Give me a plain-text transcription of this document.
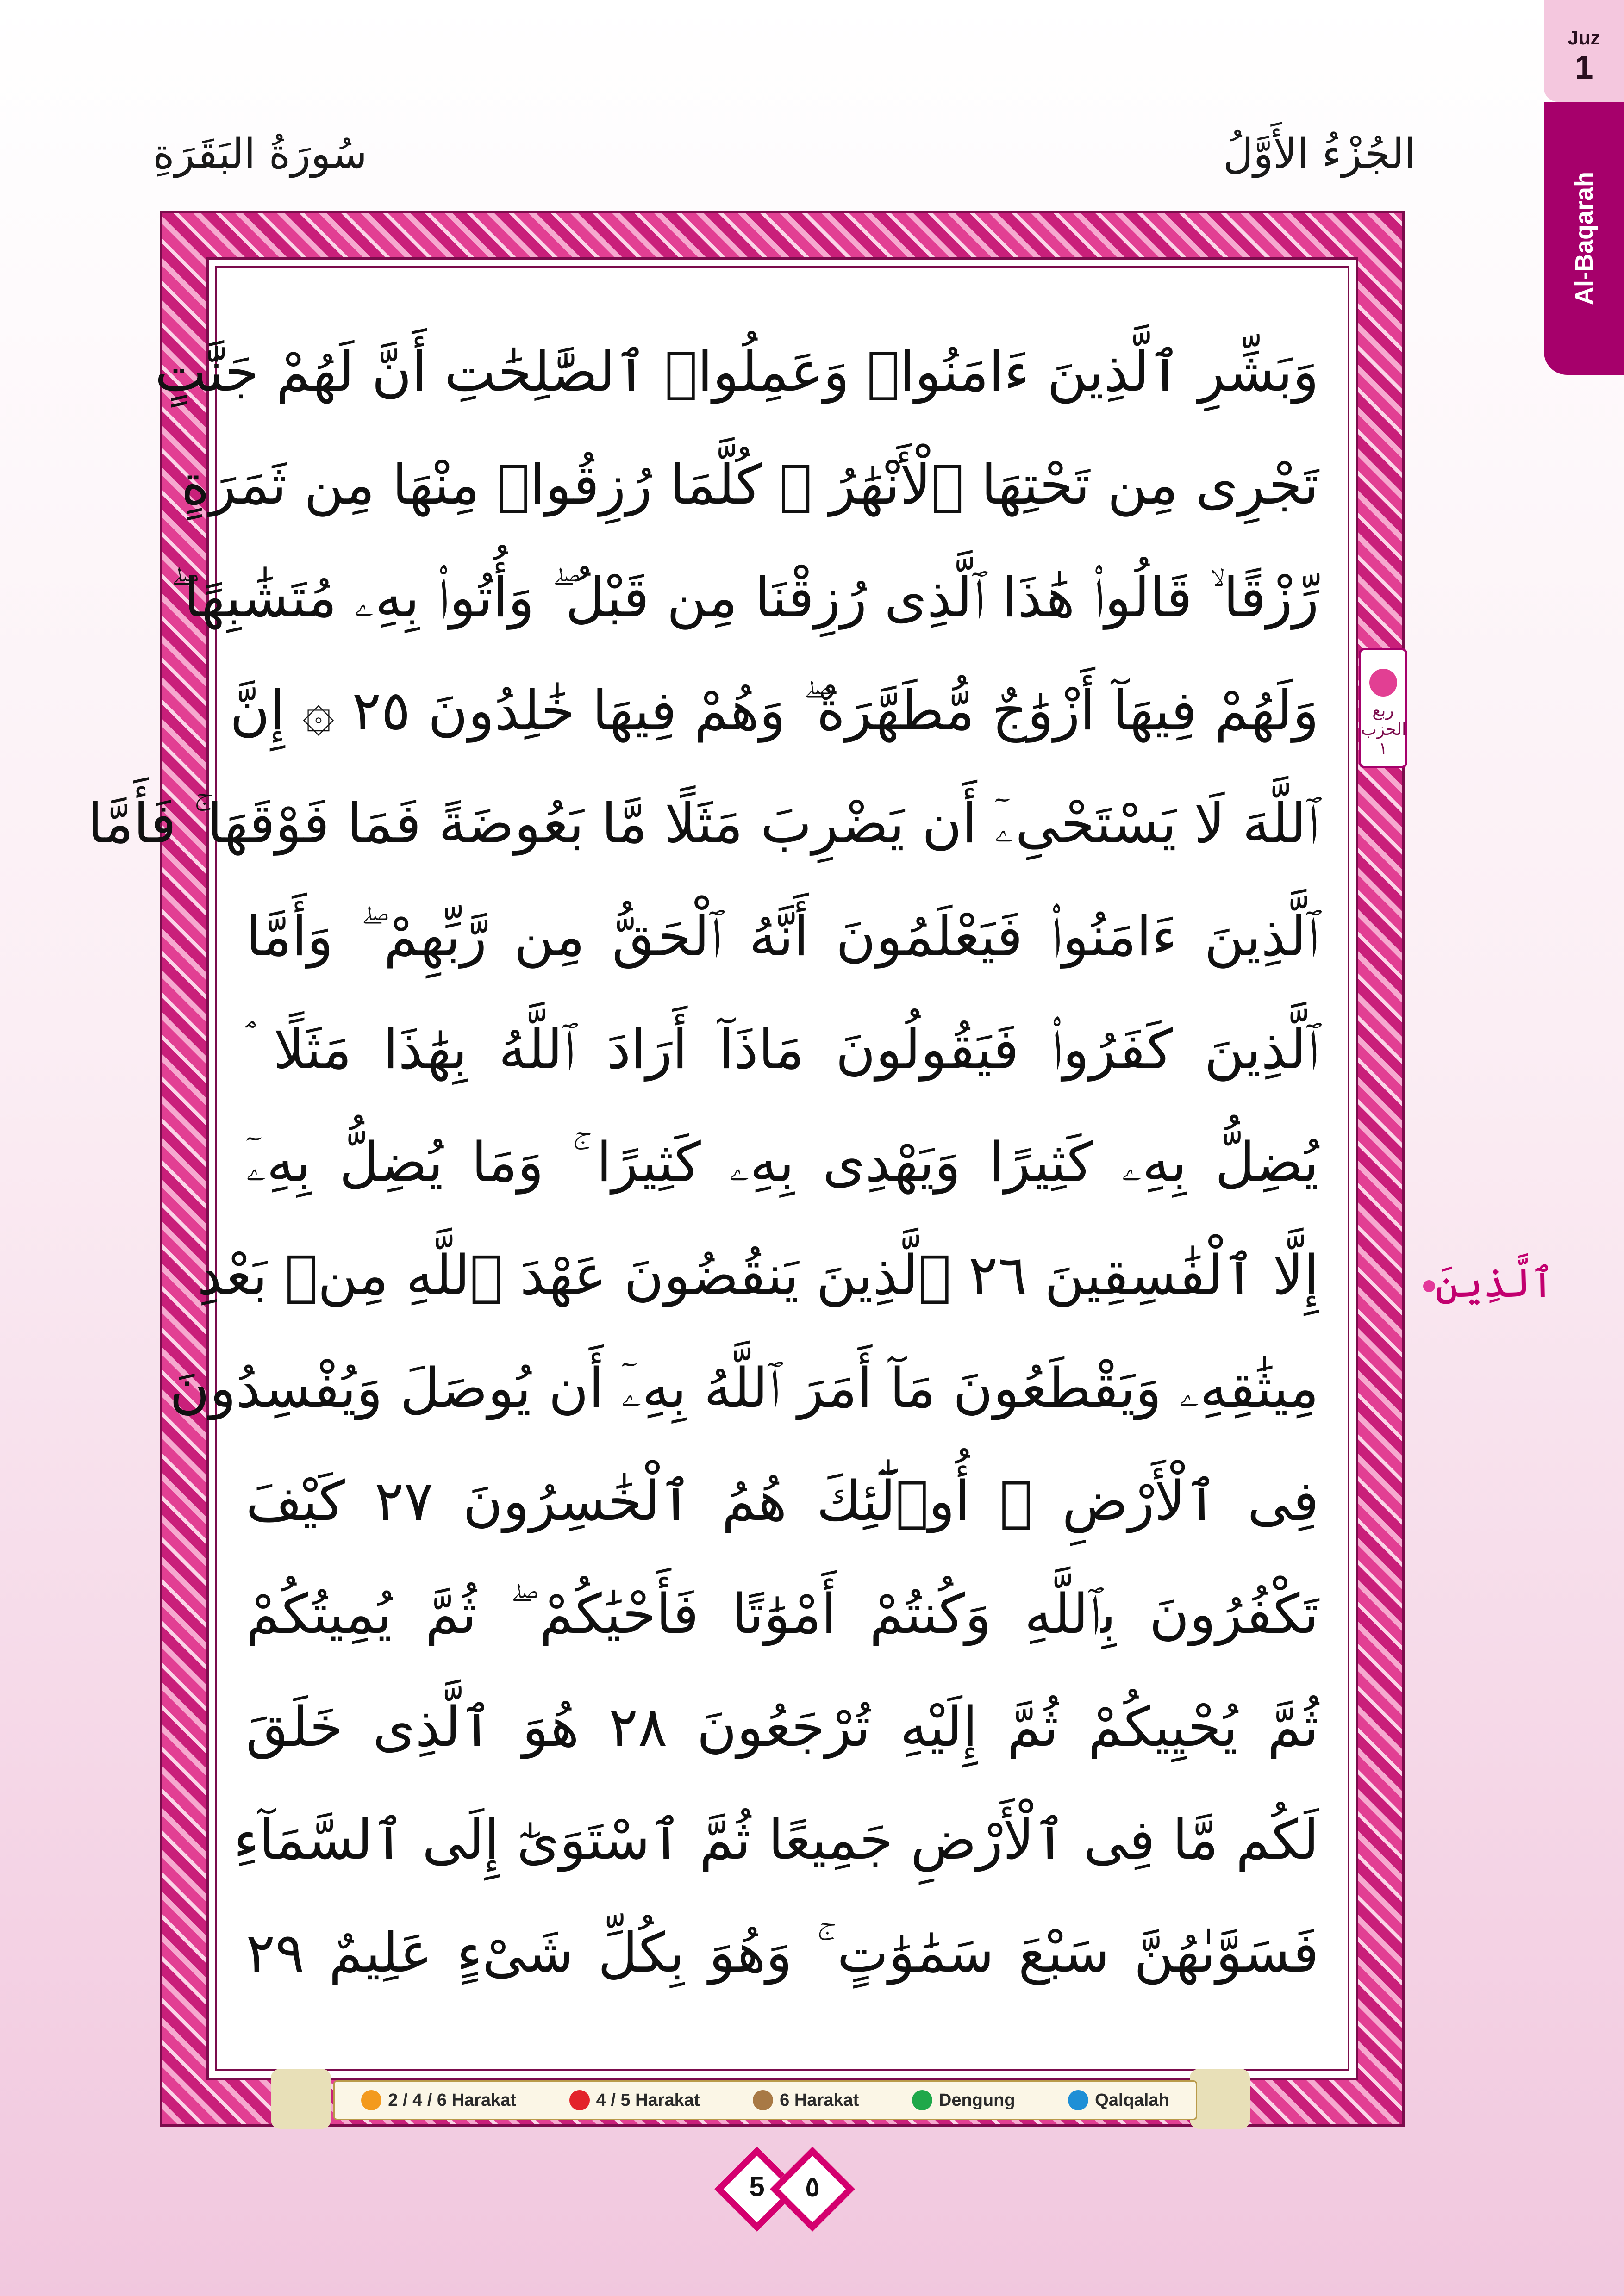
Juz
1
Al-Baqarah
سُورَةُ البَقَرَةِ	الجُزْءُ الأَوَّلُ
وَبَشِّرِ ٱلَّذِينَ ءَامَنُوا۟ وَعَمِلُوا۟ ٱلصَّٰلِحَٰتِ أَنَّ لَهُمْ جَنَّٰتٍ
تَجْرِى مِن تَحْتِهَا ٱلْأَنْهَٰرُ ۖ كُلَّمَا رُزِقُوا۟ مِنْهَا مِن ثَمَرَةٍ
رِّزْقًا ۙ قَالُوا۟ هَٰذَا ٱلَّذِى رُزِقْنَا مِن قَبْلُ ۖ وَأُتُوا۟ بِهِۦ مُتَشَٰبِهًا ۖ
وَلَهُمْ فِيهَآ أَزْوَٰجٌ مُّطَهَّرَةٌ ۖ وَهُمْ فِيهَا خَٰلِدُونَ ٢٥ ۞ إِنَّ
ٱللَّهَ لَا يَسْتَحْىِۦٓ أَن يَضْرِبَ مَثَلًا مَّا بَعُوضَةً فَمَا فَوْقَهَا ۚ فَأَمَّا
ٱلَّذِينَ ءَامَنُوا۟ فَيَعْلَمُونَ أَنَّهُ ٱلْحَقُّ مِن رَّبِّهِمْ ۖ وَأَمَّا
ٱلَّذِينَ كَفَرُوا۟ فَيَقُولُونَ مَاذَآ أَرَادَ ٱللَّهُ بِهَٰذَا مَثَلًا ۘ
يُضِلُّ بِهِۦ كَثِيرًا وَيَهْدِى بِهِۦ كَثِيرًا ۚ وَمَا يُضِلُّ بِهِۦٓ
إِلَّا ٱلْفَٰسِقِينَ ٢٦ ٱلَّذِينَ يَنقُضُونَ عَهْدَ ٱللَّهِ مِنۢ بَعْدِ
مِيثَٰقِهِۦ وَيَقْطَعُونَ مَآ أَمَرَ ٱللَّهُ بِهِۦٓ أَن يُوصَلَ وَيُفْسِدُونَ
فِى ٱلْأَرْضِ ۚ أُو۟لَٰٓئِكَ هُمُ ٱلْخَٰسِرُونَ ٢٧ كَيْفَ
تَكْفُرُونَ بِٱللَّهِ وَكُنتُمْ أَمْوَٰتًا فَأَحْيَٰكُمْ ۖ ثُمَّ يُمِيتُكُمْ
ثُمَّ يُحْيِيكُمْ ثُمَّ إِلَيْهِ تُرْجَعُونَ ٢٨ هُوَ ٱلَّذِى خَلَقَ
لَكُم مَّا فِى ٱلْأَرْضِ جَمِيعًا ثُمَّ ٱسْتَوَىٰٓ إِلَى ٱلسَّمَآءِ
فَسَوَّىٰهُنَّ سَبْعَ سَمَٰوَٰتٍ ۚ وَهُوَ بِكُلِّ شَىْءٍ عَلِيمٌ ٢٩
ربع الحزب
١
ٱلَّذِينَ
2 / 4 / 6 Harakat	4 / 5 Harakat	6 Harakat	Dengung	Qalqalah
5	٥
